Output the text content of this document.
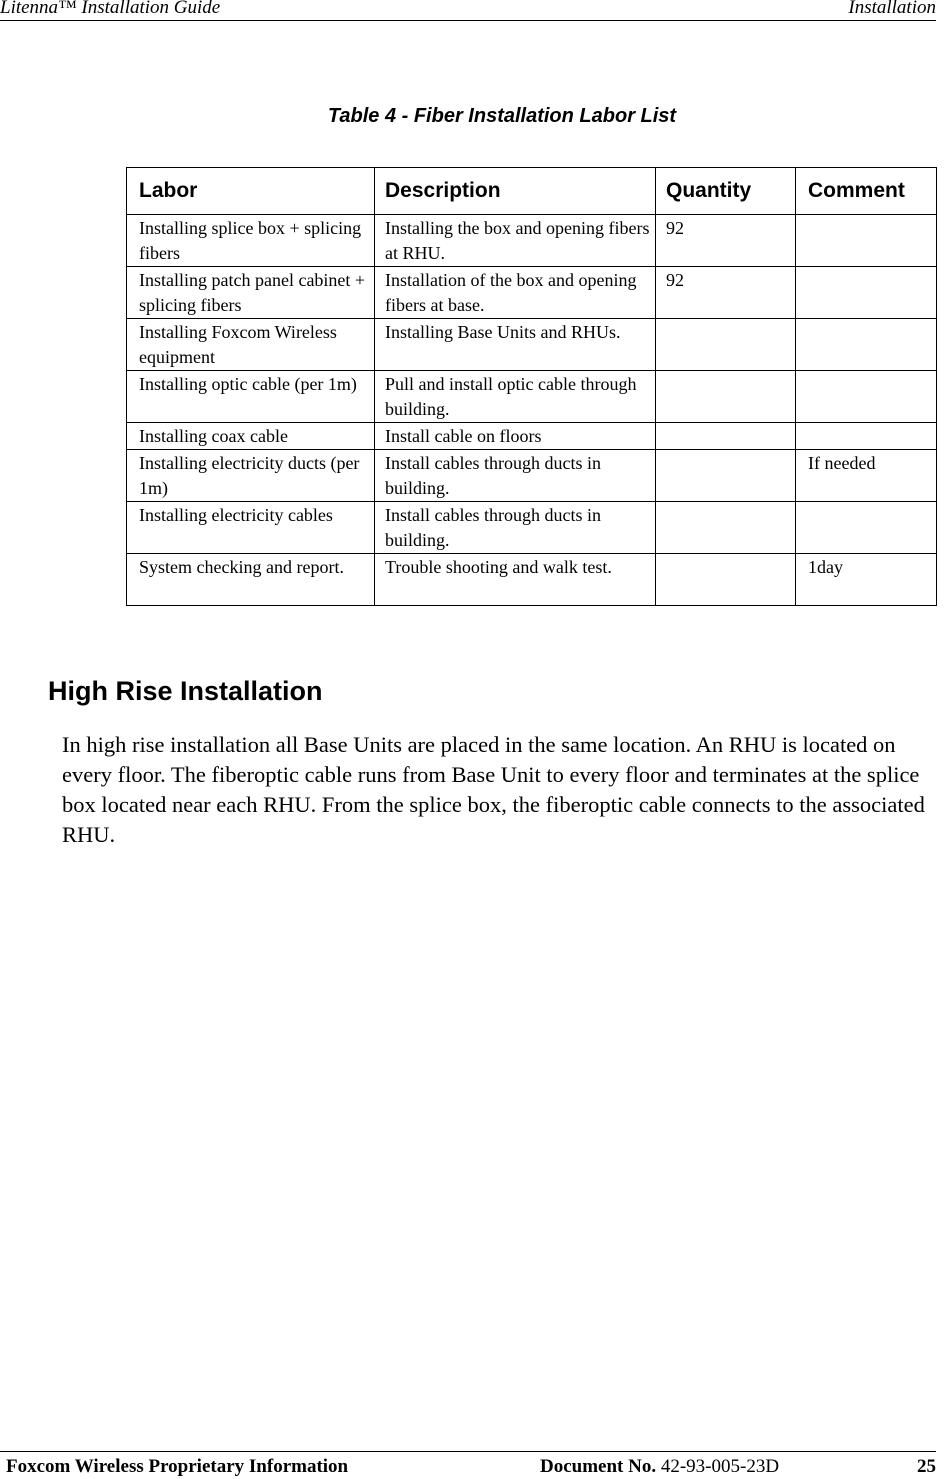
Litenna™ Installation Guide	Installation
Table 4 - Fiber Installation Labor List
Labor	Description	Quantity	Comment
Installing splice box + splicing fibers	Installing the box and opening fibers at RHU.	92	
Installing patch panel cabinet + splicing fibers	Installation of the box and opening fibers at base.	92	
Installing Foxcom Wireless equipment	Installing Base Units and RHUs.		
Installing optic cable (per 1m)	Pull and install optic cable through building.		
Installing coax cable	Install cable on floors		
Installing electricity ducts (per 1m)	Install cables through ducts in building.		If needed
Installing electricity cables	Install cables through ducts in building.		
System checking and report.	Trouble shooting and walk test.		1day
High Rise Installation

In high rise installation all Base Units are placed in the same location. An RHU is located on every floor. The fiberoptic cable runs from Base Unit to every floor and terminates at the splice box located near each RHU. From the splice box, the fiberoptic cable connects to the associated RHU.

Foxcom Wireless Proprietary Information	Document No. 42-93-005-23D	25
